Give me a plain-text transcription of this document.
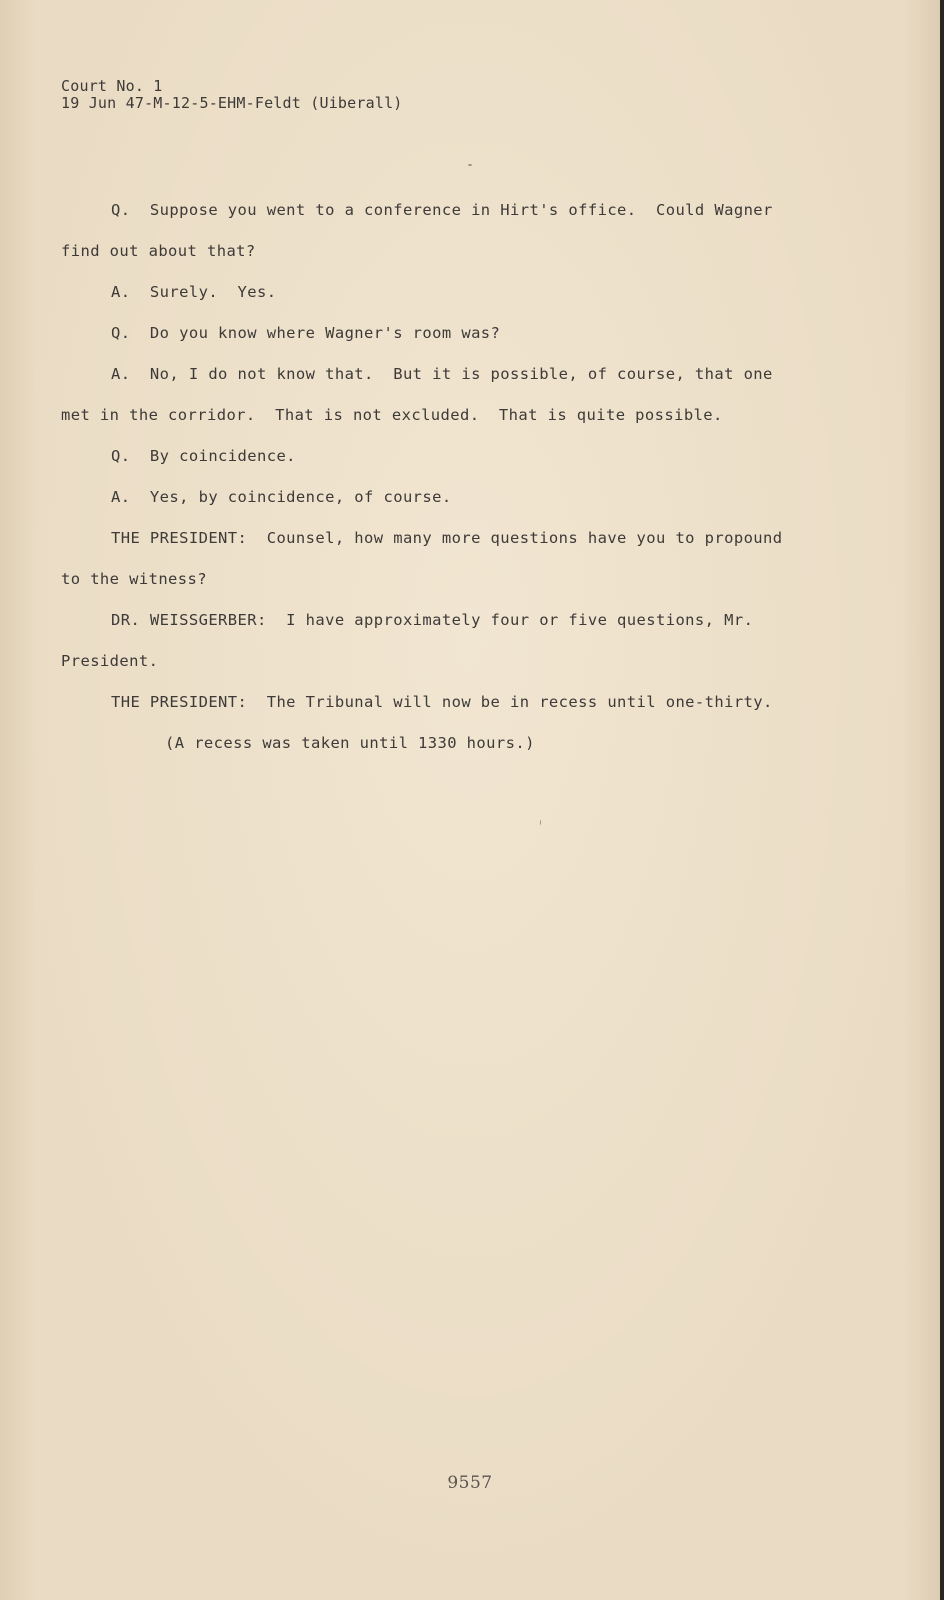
Court No. 1
19 Jun 47-M-12-5-EHM-Feldt (Uiberall)
Q.  Suppose you went to a conference in Hirt's office.  Could Wagner
find out about that?
A.  Surely.  Yes.
Q.  Do you know where Wagner's room was?
A.  No, I do not know that.  But it is possible, of course, that one
met in the corridor.  That is not excluded.  That is quite possible.
Q.  By coincidence.
A.  Yes, by coincidence, of course.
THE PRESIDENT:  Counsel, how many more questions have you to propound
to the witness?
DR. WEISSGERBER:  I have approximately four or five questions, Mr.
President.
THE PRESIDENT:  The Tribunal will now be in recess until one-thirty.
(A recess was taken until 1330 hours.)
9557
